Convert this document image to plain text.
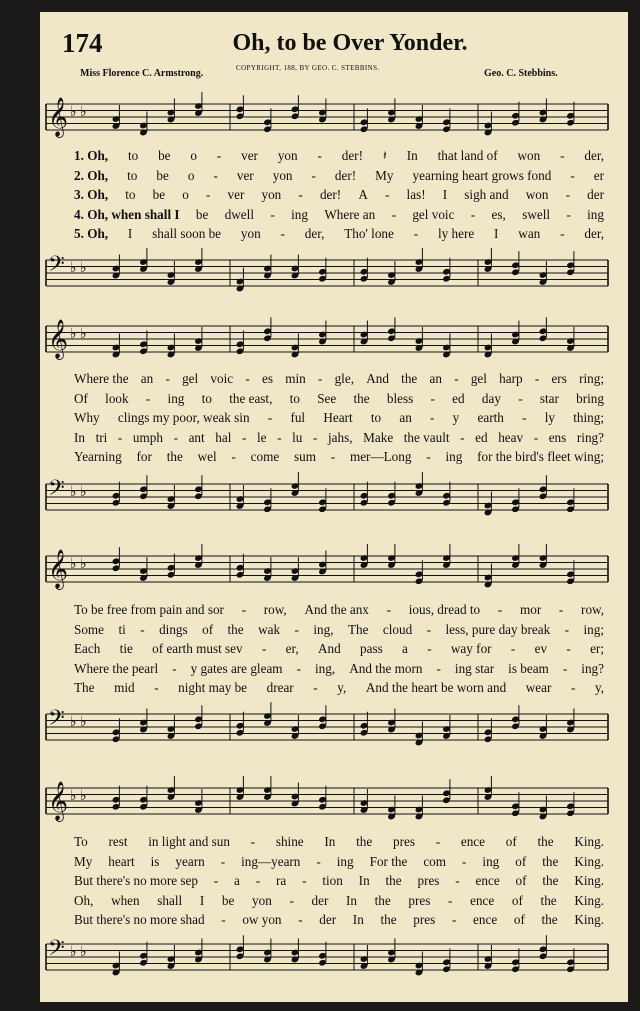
174	Oh, to be Over Yonder.
Miss Florence C. Armstrong.	COPYRIGHT, 188, BY GEO. C. STEBBINS.	Geo. C. Stebbins.
𝄞 ♭ ♭
1. Oh, to be o - ver yon - der! 𝄽 In that land of won - der,
2. Oh, to be o - ver yon - der! My yearning heart grows fond - er
3. Oh, to be o - ver yon - der! A - las! I sigh and won - der
4. Oh, when shall I be dwell - ing Where an - gel voic - es, swell - ing
5. Oh, I shall soon be yon - der, Tho' lone - ly here I wan - der,
𝄢 ♭ ♭
𝄞 ♭ ♭
Where the an - gel voic - es min - gle, And the an - gel harp - ers ring;
Of look - ing to the east, to See the bless - ed day - star bring
Why clings my poor, weak sin - ful Heart to an - y earth - ly thing;
In tri - umph - ant hal - le - lu - jahs, Make the vault - ed heav - ens ring?
Yearning for the wel - come sum - mer—Long - ing for the bird's fleet wing;
𝄢 ♭ ♭
𝄞 ♭ ♭
To be free from pain and sor - row, And the anx - ious, dread to - mor - row,
Some ti - dings of the wak - ing, The cloud - less, pure day break - ing;
Each tie of earth must sev - er, And pass a - way for - ev - er;
Where the pearl - y gates are gleam - ing, And the morn - ing star is beam - ing?
The mid - night may be drear - y, And the heart be worn and wear - y,
𝄢 ♭ ♭
𝄞 ♭ ♭
To rest in light and sun - shine In the pres - ence of the King.
My heart is yearn - ing—yearn - ing For the com - ing of the King.
But there's no more sep - a - ra - tion In the pres - ence of the King.
Oh, when shall I be yon - der In the pres - ence of the King.
But there's no more shad - ow yon - der In the pres - ence of the King.
𝄢 ♭ ♭
